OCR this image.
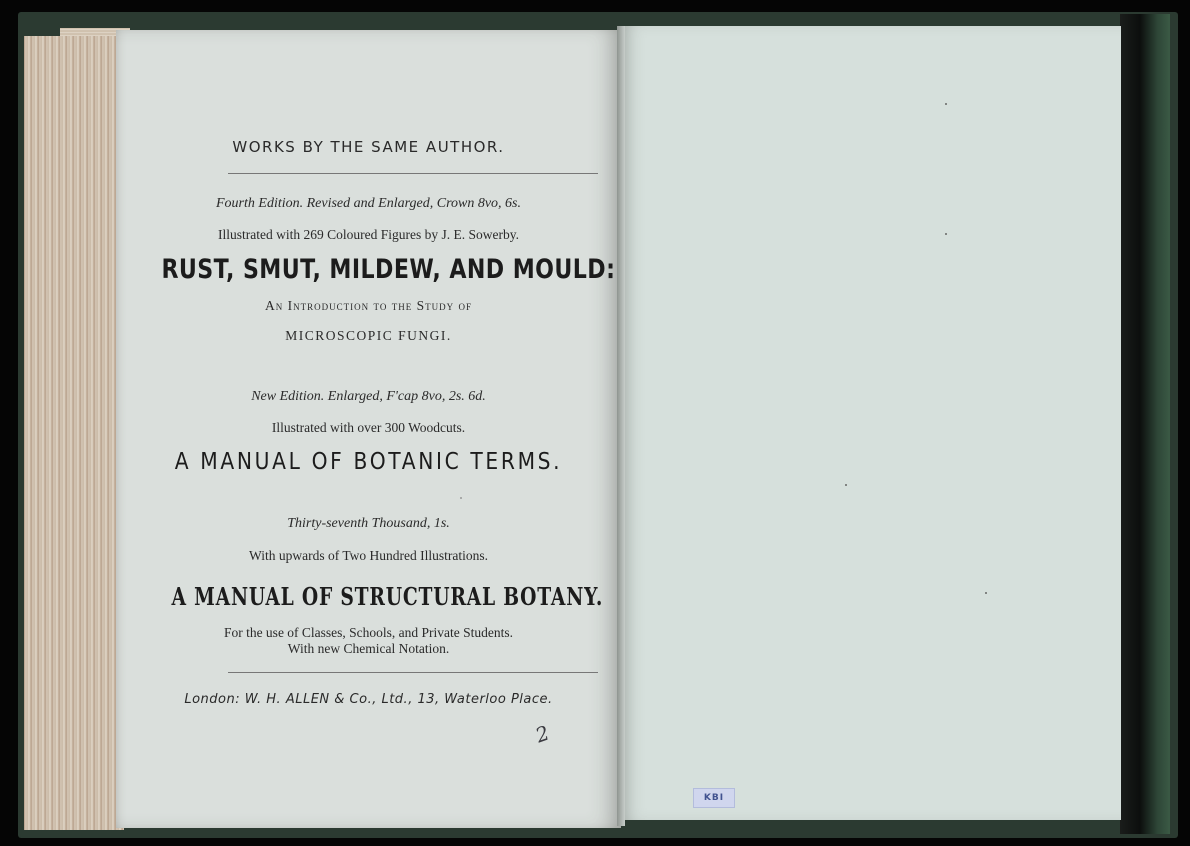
WORKS BY THE SAME AUTHOR.
Fourth Edition. Revised and Enlarged, Crown 8vo, 6s.
Illustrated with 269 Coloured Figures by J. E. Sowerby.
RUST, SMUT, MILDEW, AND MOULD:
An Introduction to the Study of
MICROSCOPIC FUNGI.
New Edition. Enlarged, F'cap 8vo, 2s. 6d.
Illustrated with over 300 Woodcuts.
A MANUAL OF BOTANIC TERMS.
Thirty-seventh Thousand, 1s.
With upwards of Two Hundred Illustrations.
A MANUAL OF STRUCTURAL BOTANY.
For the use of Classes, Schools, and Private Students.
With new Chemical Notation.
London: W. H. ALLEN & Co., Ltd., 13, Waterloo Place.
2
KBI
